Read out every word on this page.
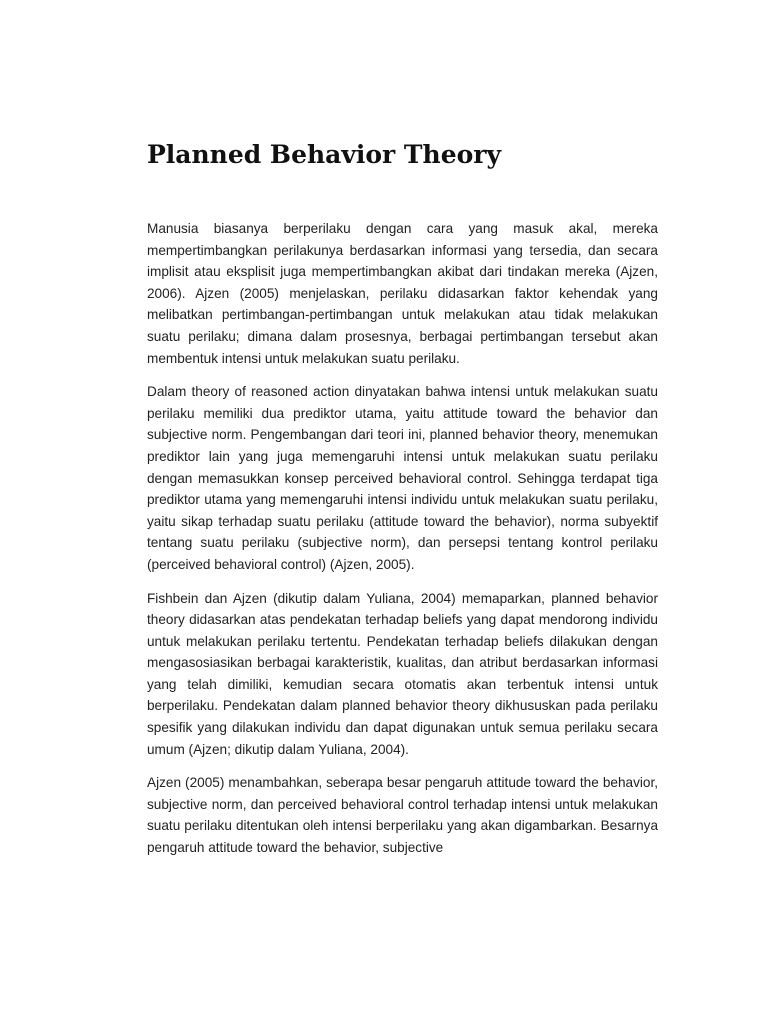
Planned Behavior Theory

Manusia biasanya berperilaku dengan cara yang masuk akal, mereka mempertimbangkan perilakunya berdasarkan informasi yang tersedia, dan secara implisit atau eksplisit juga mempertimbangkan akibat dari tindakan mereka (Ajzen, 2006). Ajzen (2005) menjelaskan, perilaku didasarkan faktor kehendak yang melibatkan pertimbangan-pertimbangan untuk melakukan atau tidak melakukan suatu perilaku; dimana dalam prosesnya, berbagai pertimbangan tersebut akan membentuk intensi untuk melakukan suatu perilaku.

Dalam theory of reasoned action dinyatakan bahwa intensi untuk melakukan suatu perilaku memiliki dua prediktor utama, yaitu attitude toward the behavior dan subjective norm. Pengembangan dari teori ini, planned behavior theory, menemukan prediktor lain yang juga memengaruhi intensi untuk melakukan suatu perilaku dengan memasukkan konsep perceived behavioral control. Sehingga terdapat tiga prediktor utama yang memengaruhi intensi individu untuk melakukan suatu perilaku, yaitu sikap terhadap suatu perilaku (attitude toward the behavior), norma subyektif tentang suatu perilaku (subjective norm), dan persepsi tentang kontrol perilaku (perceived behavioral control) (Ajzen, 2005).

Fishbein dan Ajzen (dikutip dalam Yuliana, 2004) memaparkan, planned behavior theory didasarkan atas pendekatan terhadap beliefs yang dapat mendorong individu untuk melakukan perilaku tertentu. Pendekatan terhadap beliefs dilakukan dengan mengasosiasikan berbagai karakteristik, kualitas, dan atribut berdasarkan informasi yang telah dimiliki, kemudian secara otomatis akan terbentuk intensi untuk berperilaku. Pendekatan dalam planned behavior theory dikhususkan pada perilaku spesifik yang dilakukan individu dan dapat digunakan untuk semua perilaku secara umum (Ajzen; dikutip dalam Yuliana, 2004).

Ajzen (2005) menambahkan, seberapa besar pengaruh attitude toward the behavior, subjective norm, dan perceived behavioral control terhadap intensi untuk melakukan suatu perilaku ditentukan oleh intensi berperilaku yang akan digambarkan. Besarnya pengaruh attitude toward the behavior, subjective
